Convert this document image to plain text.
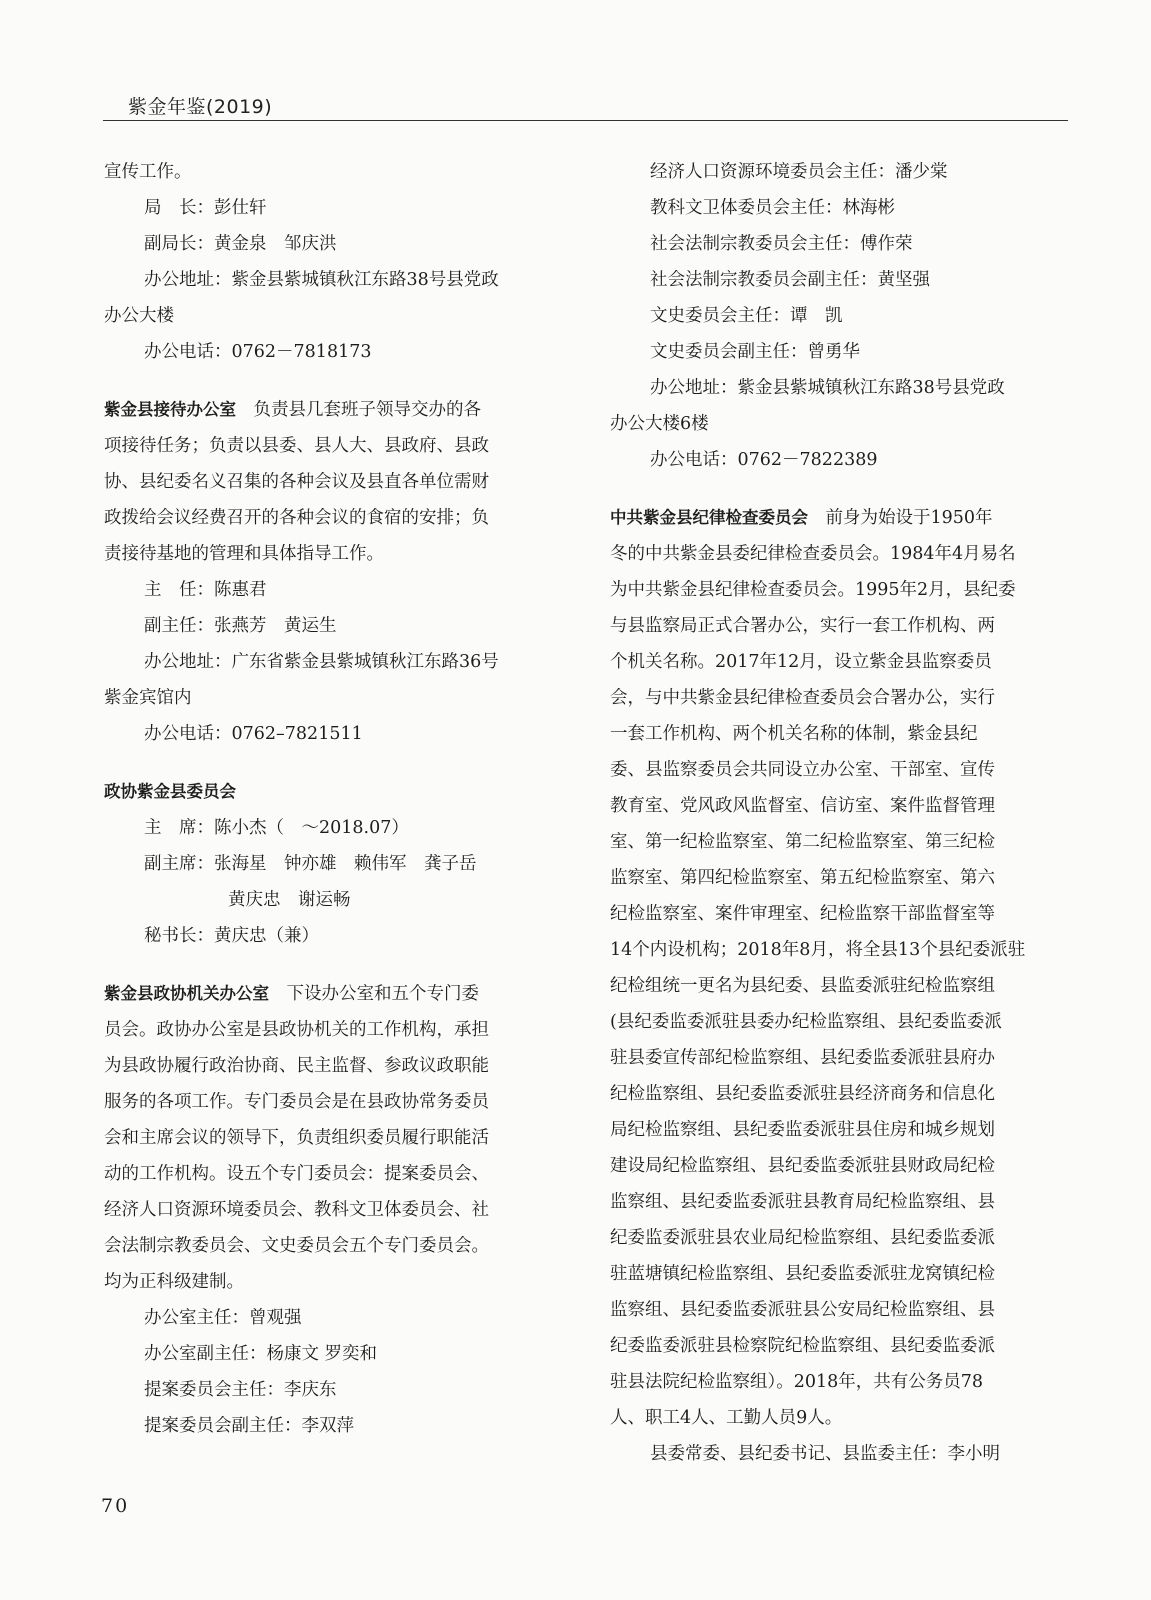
紫金年鉴(2019)
宣传工作。
局　长：彭仕轩
副局长：黄金泉　邹庆洪
办公地址：紫金县紫城镇秋江东路38号县党政
办公大楼
办公电话：0762－7818173
紫金县接待办公室　 负责县几套班子领导交办的各
项接待任务；负责以县委、县人大、县政府、县政
协、县纪委名义召集的各种会议及县直各单位需财
政拨给会议经费召开的各种会议的食宿的安排；负
责接待基地的管理和具体指导工作。
主　任：陈惠君
副主任：张燕芳　黄运生
办公地址：广东省紫金县紫城镇秋江东路36号
紫金宾馆内
办公电话：0762–7821511
政协紫金县委员会
主　席：陈小杰（　～2018.07）
副主席：张海星　钟亦雄　赖伟军　龚子岳
黄庆忠　谢运畅
秘书长：黄庆忠（兼）
紫金县政协机关办公室　 下设办公室和五个专门委
员会。政协办公室是县政协机关的工作机构，承担
为县政协履行政治协商、民主监督、参政议政职能
服务的各项工作。专门委员会是在县政协常务委员
会和主席会议的领导下，负责组织委员履行职能活
动的工作机构。设五个专门委员会：提案委员会、
经济人口资源环境委员会、教科文卫体委员会、社
会法制宗教委员会、文史委员会五个专门委员会。
均为正科级建制。
办公室主任：曾观强
办公室副主任：杨康文 罗奕和
提案委员会主任：李庆东
提案委员会副主任：李双萍
经济人口资源环境委员会主任：潘少棠
教科文卫体委员会主任：林海彬
社会法制宗教委员会主任：傅作荣
社会法制宗教委员会副主任：黄坚强
文史委员会主任：谭　凯
文史委员会副主任：曾勇华
办公地址：紫金县紫城镇秋江东路38号县党政
办公大楼6楼
办公电话：0762－7822389
中共紫金县纪律检查委员会　 前身为始设于1950年
冬的中共紫金县委纪律检查委员会。1984年4月易名
为中共紫金县纪律检查委员会。1995年2月，县纪委
与县监察局正式合署办公，实行一套工作机构、两
个机关名称。2017年12月，设立紫金县监察委员
会，与中共紫金县纪律检查委员会合署办公，实行
一套工作机构、两个机关名称的体制，紫金县纪
委、县监察委员会共同设立办公室、干部室、宣传
教育室、党风政风监督室、信访室、案件监督管理
室、第一纪检监察室、第二纪检监察室、第三纪检
监察室、第四纪检监察室、第五纪检监察室、第六
纪检监察室、案件审理室、纪检监察干部监督室等
14个内设机构；2018年8月，将全县13个县纪委派驻
纪检组统一更名为县纪委、县监委派驻纪检监察组
(县纪委监委派驻县委办纪检监察组、县纪委监委派
驻县委宣传部纪检监察组、县纪委监委派驻县府办
纪检监察组、县纪委监委派驻县经济商务和信息化
局纪检监察组、县纪委监委派驻县住房和城乡规划
建设局纪检监察组、县纪委监委派驻县财政局纪检
监察组、县纪委监委派驻县教育局纪检监察组、县
纪委监委派驻县农业局纪检监察组、县纪委监委派
驻蓝塘镇纪检监察组、县纪委监委派驻龙窝镇纪检
监察组、县纪委监委派驻县公安局纪检监察组、县
纪委监委派驻县检察院纪检监察组、县纪委监委派
驻县法院纪检监察组）。2018年，共有公务员78
人、职工4人、工勤人员9人。
县委常委、县纪委书记、县监委主任：李小明
70
